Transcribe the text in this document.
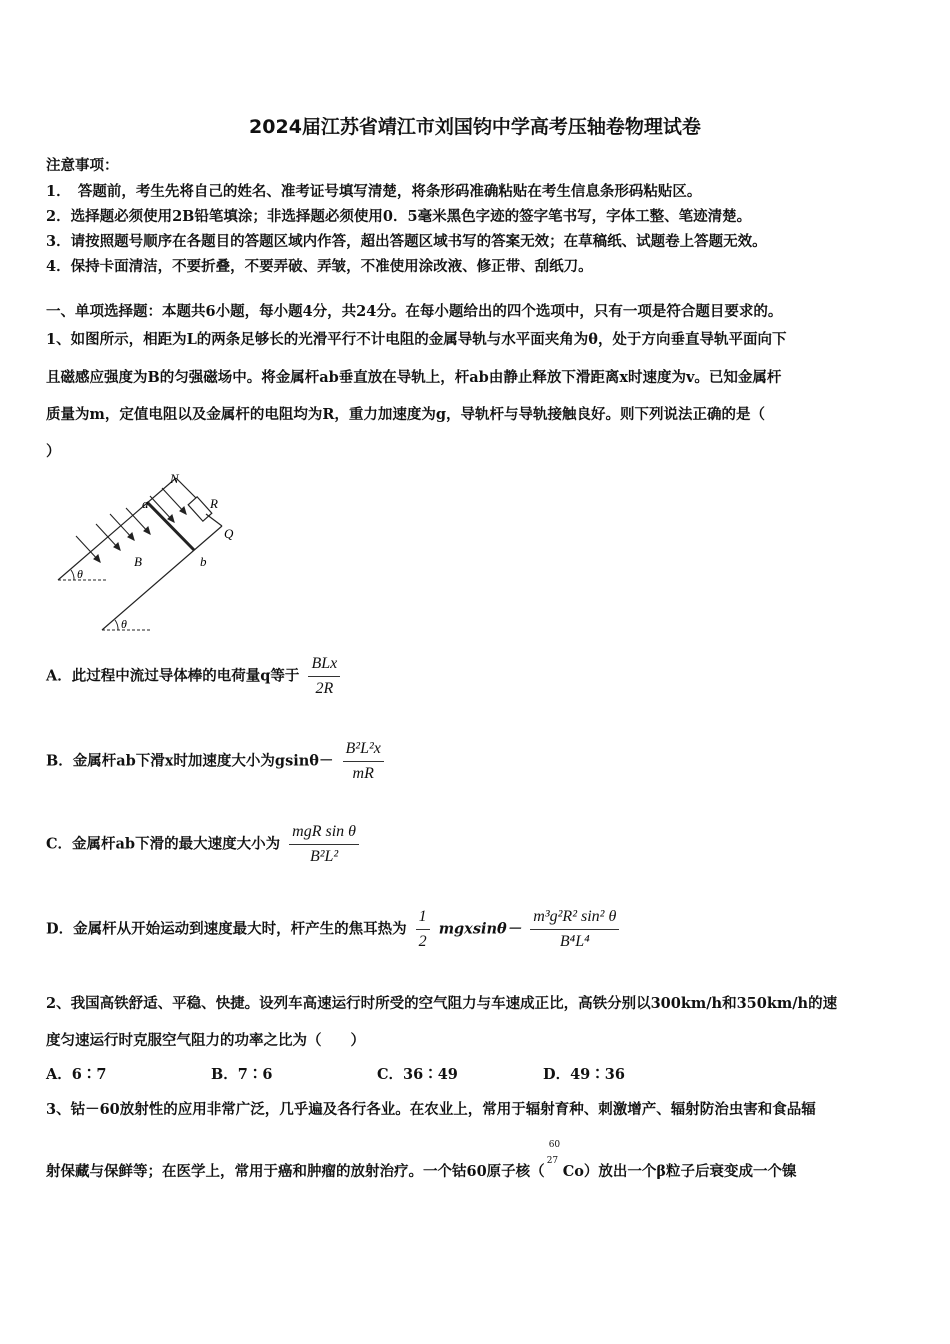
2024届江苏省靖江市刘国钧中学高考压轴卷物理试卷
注意事项：
1．　答题前，考生先将自己的姓名、准考证号填写清楚，将条形码准确粘贴在考生信息条形码粘贴区。
2．选择题必须使用2B铅笔填涂；非选择题必须使用0．5毫米黑色字迹的签字笔书写，字体工整、笔迹清楚。
3．请按照题号顺序在各题目的答题区域内作答，超出答题区域书写的答案无效；在草稿纸、试题卷上答题无效。
4．保持卡面清洁，不要折叠，不要弄破、弄皱，不准使用涂改液、修正带、刮纸刀。
一、单项选择题：本题共6小题，每小题4分，共24分。在每小题给出的四个选项中，只有一项是符合题目要求的。
1、如图所示，相距为L的两条足够长的光滑平行不计电阻的金属导轨与水平面夹角为θ，处于方向垂直导轨平面向下
且磁感应强度为B的匀强磁场中。将金属杆ab垂直放在导轨上，杆ab由静止释放下滑距离x时速度为v。已知金属杆
质量为m，定值电阻以及金属杆的电阻均为R，重力加速度为g，导轨杆与导轨接触良好。则下列说法正确的是（
）
N
a	R
Q
B	b
θ
θ
A．此过程中流过导体棒的电荷量q等于 $\frac{\text{BLx}}{2R}$
B．金属杆ab下滑x时加速度大小为$gsin\theta- \frac{\text{B²L²x}}{mR}$
C．金属杆ab下滑的最大速度大小为 $\frac{\text{mgR sin θ}}{\text{B²L²}}$
D．金属杆从开始运动到速度最大时，杆产生的焦耳热为 $\frac{1}{2} mgxsin\theta- \frac{\text{m³g²R² sin² θ}}{\text{B⁴L⁴}}$
2、我国高铁舒适、平稳、快捷。设列车高速运行时所受的空气阻力与车速成正比，高铁分别以300km/h和350km/h的速
度匀速运行时克服空气阻力的功率之比为（　　）
A．6∶7	B．7∶6	C．36∶49	D．49∶36
3、钴－60放射性的应用非常广泛，几乎遍及各行各业。在农业上，常用于辐射育种、刺激增产、辐射防治虫害和食品辐
射保藏与保鲜等；在医学上，常用于癌和肿瘤的放射治疗。一个钴60原子核（
60
27
Co）放出一个β粒子后衰变成一个镍
